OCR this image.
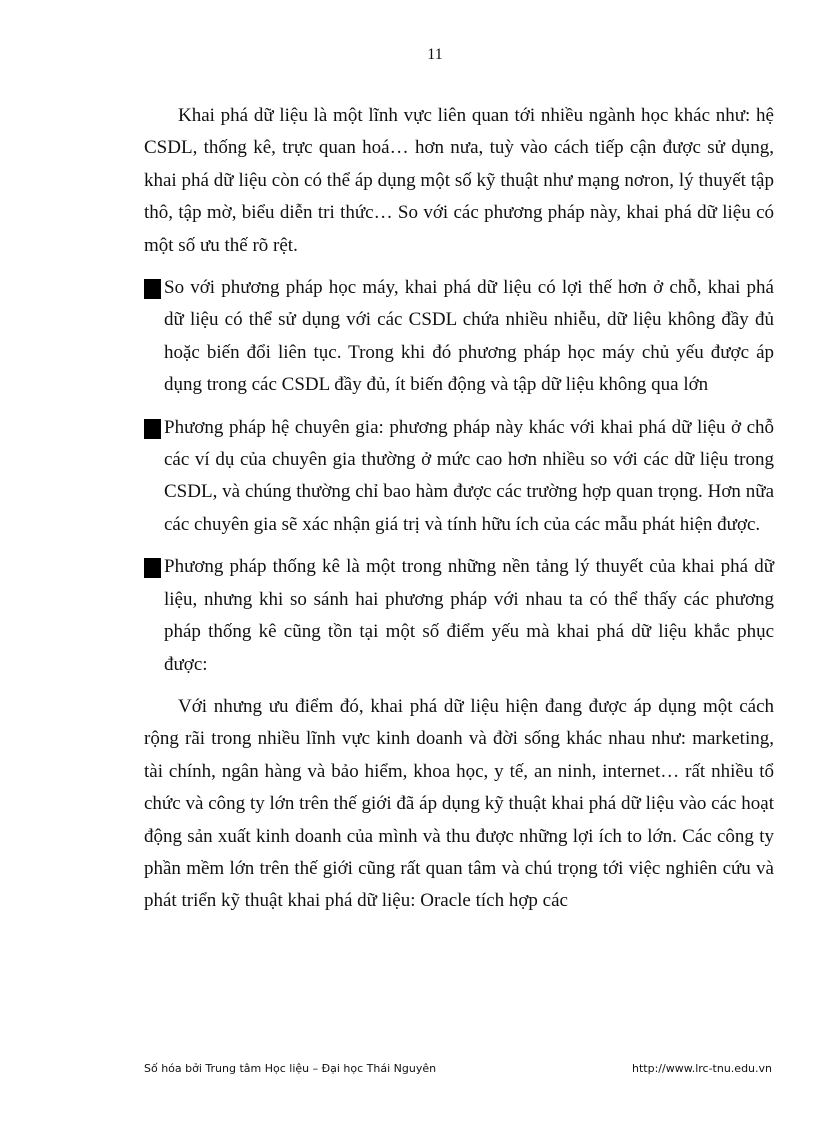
11

Khai phá dữ liệu là một lĩnh vực liên quan tới nhiều ngành học khác như: hệ CSDL, thống kê, trực quan hoá… hơn nưa, tuỳ vào cách tiếp cận được sử dụng, khai phá dữ liệu còn có thể áp dụng một số kỹ thuật như mạng nơron, lý thuyết tập thô, tập mờ, biểu diễn tri thức… So với các phương pháp này, khai phá dữ liệu có một số ưu thế rõ rệt.

So với phương pháp học máy, khai phá dữ liệu có lợi thế hơn ở chỗ, khai phá dữ liệu có thể sử dụng với các CSDL chứa nhiều nhiễu, dữ liệu không đầy đủ hoặc biến đổi liên tục. Trong khi đó phương pháp học máy chủ yếu được áp dụng trong các CSDL đầy đủ, ít biến động và tập dữ liệu không qua lớn
Phương pháp hệ chuyên gia: phương pháp này khác với khai phá dữ liệu ở chỗ các ví dụ của chuyên gia thường ở mức cao hơn nhiều so với các dữ liệu trong CSDL, và chúng thường chỉ bao hàm được các trường hợp quan trọng. Hơn nữa các chuyên gia sẽ xác nhận giá trị và tính hữu ích của các mẫu phát hiện được.
Phương pháp thống kê là một trong những nền tảng lý thuyết của khai phá dữ liệu, nhưng khi so sánh hai phương pháp với nhau ta có thể thấy các phương pháp thống kê cũng tồn tại một số điểm yếu mà khai phá dữ liệu khắc phục được:

Với nhưng ưu điểm đó, khai phá dữ liệu hiện đang được áp dụng một cách rộng rãi trong nhiều lĩnh vực kinh doanh và đời sống khác nhau như: marketing, tài chính, ngân hàng và bảo hiểm, khoa học, y tế, an ninh, internet… rất nhiều tổ chức và công ty lớn trên thế giới đã áp dụng kỹ thuật khai phá dữ liệu vào các hoạt động sản xuất kinh doanh của mình và thu được những lợi ích to lớn. Các công ty phần mềm lớn trên thế giới cũng rất quan tâm và chú trọng tới việc nghiên cứu và phát triển kỹ thuật khai phá dữ liệu: Oracle tích hợp các

Số hóa bởi Trung tâm Học liệu – Đại học Thái Nguyên	http://www.lrc-tnu.edu.vn
